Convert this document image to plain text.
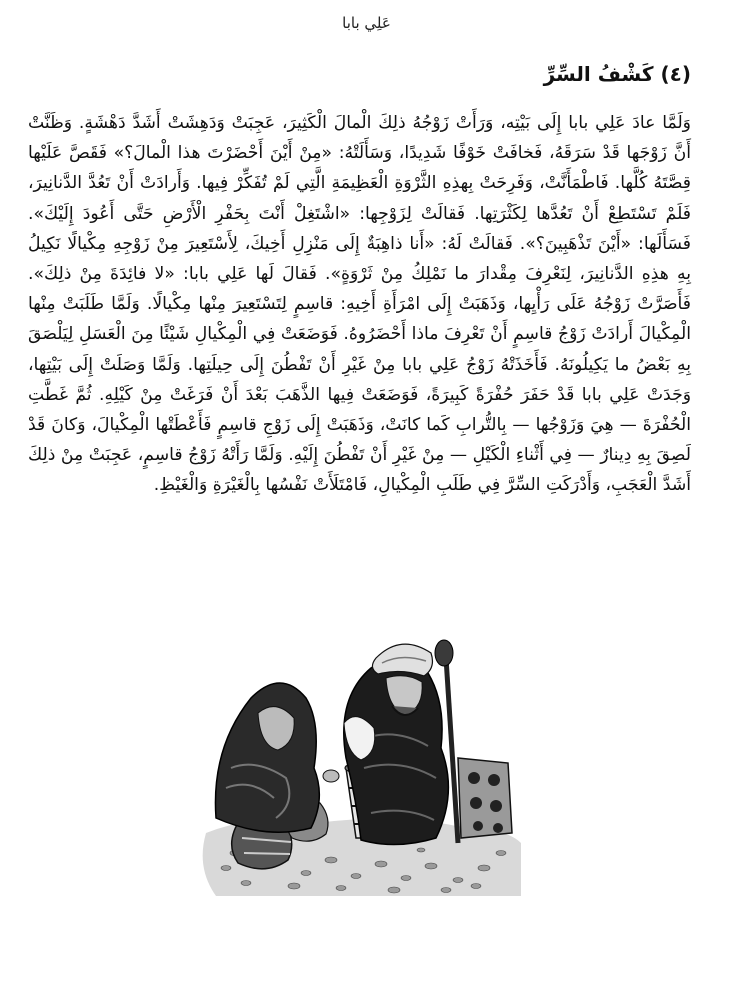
عَلِي بابا
(٤) كَشْفُ السِّرِّ

وَلَمَّا عادَ عَلِي بابا إِلَى بَيْتِه، وَرَأَتْ زَوْجُهُ ذلِكَ الْمالَ الْكَثِيرَ، عَجِبَتْ وَدَهِشَتْ أَشَدَّ دَهْشَةٍ. وَظَنَّتْ أَنَّ زَوْجَها قَدْ سَرَقَهُ، فَخافَتْ خَوْفًا شَدِيدًا، وَسَأَلَتْهُ: «مِنْ أَيْنَ أَحْضَرْتَ هذا الْمالَ؟» فَقَصَّ عَلَيْها قِصَّتَهُ كُلَّها. فَاطْمَأَنَّتْ، وَفَرِحَتْ بِهذِهِ الثَّرْوَةِ الْعَظِيمَةِ الَّتِي لَمْ تُفَكِّرْ فِيها. وَأَرادَتْ أَنْ تَعُدَّ الدَّنانِيرَ، فَلَمْ تَسْتَطِعْ أَنْ تَعُدَّها لِكَثْرَتِها. فَقالَتْ لِزَوْجِها: «اشْتَغِلْ أَنْتَ بِحَفْرِ الْأَرْضِ حَتَّى أَعُودَ إِلَيْكَ». فَسَأَلَها: «أَيْنَ تَذْهَبِينَ؟». فَقالَتْ لَهُ: «أَنا ذاهِبَةٌ إِلَى مَنْزِلِ أَخِيكَ، لِأَسْتَعِيرَ مِنْ زَوْجِهِ مِكْيالًا نَكِيلُ بِهِ هذِهِ الدَّنانِيرَ، لِنَعْرِفَ مِقْدارَ ما نَمْلِكُ مِنْ ثَرْوَةٍ». فَقالَ لَها عَلِي بابا: «لا فائِدَةَ مِنْ ذلِكَ». فَأَصَرَّتْ زَوْجُهُ عَلَى رَأْيِها، وَذَهَبَتْ إِلَى امْرَأَةِ أَخِيهِ: قاسِمٍ لِتَسْتَعِيرَ مِنْها مِكْيالًا. وَلَمَّا طَلَبَتْ مِنْها الْمِكْيالَ أَرادَتْ زَوْجُ قاسِمٍ أَنْ تَعْرِفَ ماذا أَحْضَرُوهُ. فَوَضَعَتْ فِي الْمِكْيالِ شَيْئًا مِنَ الْعَسَلِ لِيَلْصَقَ بِهِ بَعْضُ ما يَكِيلُونَهُ. فَأَخَذَتْهُ زَوْجُ عَلِي بابا مِنْ غَيْرِ أَنْ تَفْطُنَ إِلَى حِيلَتِها. وَلَمَّا وَصَلَتْ إِلَى بَيْتِها، وَجَدَتْ عَلِي بابا قَدْ حَفَرَ حُفْرَةً كَبِيرَةً، فَوَضَعَتْ فِيها الذَّهَبَ بَعْدَ أَنْ فَرَغَتْ مِنْ كَيْلِهِ. ثُمَّ غَطَّتِ الْحُفْرَةَ — هِيَ وَزَوْجُها — بِالتُّرابِ كَما كانَتْ، وَذَهَبَتْ إِلَى زَوْجِ قاسِمٍ فَأَعْطَتْها الْمِكْيالَ، وَكانَ قَدْ لَصِقَ بِهِ دِينارٌ — فِي أَثْناءِ الْكَيْلِ — مِنْ غَيْرِ أَنْ تَفْطُنَ إِلَيْهِ. وَلَمَّا رَأَتْهُ زَوْجُ قاسِمٍ، عَجِبَتْ مِنْ ذلِكَ أَشَدَّ الْعَجَبِ، وَأَدْرَكَتِ السِّرَّ فِي طَلَبِ الْمِكْيالِ، فَامْتَلَأَتْ نَفْسُها بِالْغَيْرَةِ وَالْغَيْظِ.
